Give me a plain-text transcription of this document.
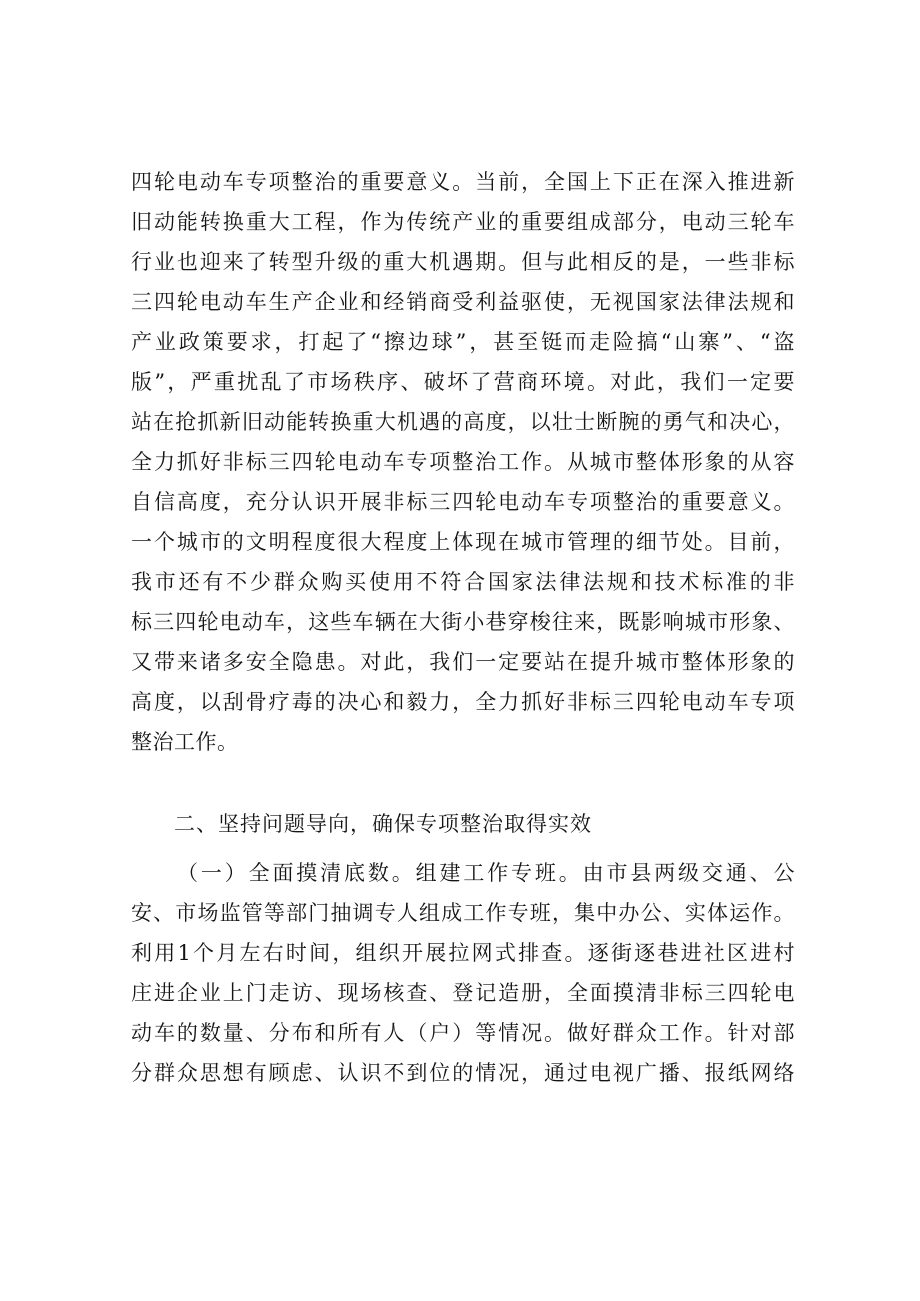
四轮电动车专项整治的重要意义。当前，全国上下正在深入推进新
旧动能转换重大工程，作为传统产业的重要组成部分，电动三轮车
行业也迎来了转型升级的重大机遇期。但与此相反的是，一些非标
三四轮电动车生产企业和经销商受利益驱使，无视国家法律法规和
产业政策要求，打起了“擦边球”，甚至铤而走险搞“山寨”、“盗
版”，严重扰乱了市场秩序、破坏了营商环境。对此，我们一定要
站在抢抓新旧动能转换重大机遇的高度，以壮士断腕的勇气和决心，
全力抓好非标三四轮电动车专项整治工作。从城市整体形象的从容
自信高度，充分认识开展非标三四轮电动车专项整治的重要意义。
一个城市的文明程度很大程度上体现在城市管理的细节处。目前，
我市还有不少群众购买使用不符合国家法律法规和技术标准的非
标三四轮电动车，这些车辆在大街小巷穿梭往来，既影响城市形象、
又带来诸多安全隐患。对此，我们一定要站在提升城市整体形象的
高度，以刮骨疗毒的决心和毅力，全力抓好非标三四轮电动车专项
整治工作。
二、坚持问题导向，确保专项整治取得实效
（一）全面摸清底数。组建工作专班。由市县两级交通、公
安、市场监管等部门抽调专人组成工作专班，集中办公、实体运作。
利用1个月左右时间，组织开展拉网式排查。逐街逐巷进社区进村
庄进企业上门走访、现场核查、登记造册，全面摸清非标三四轮电
动车的数量、分布和所有人（户）等情况。做好群众工作。针对部
分群众思想有顾虑、认识不到位的情况，通过电视广播、报纸网络
